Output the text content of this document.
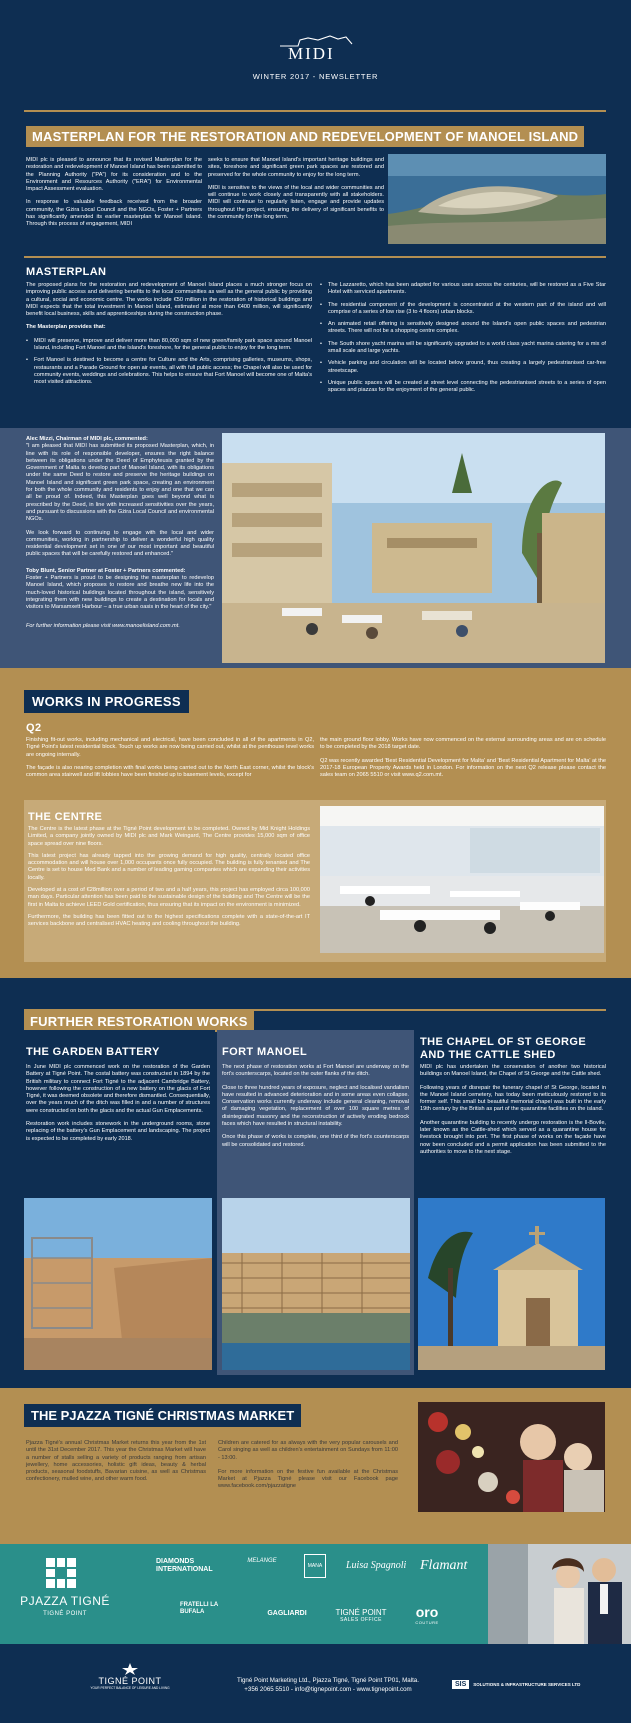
MIDI
WINTER 2017 - NEWSLETTER
MASTERPLAN FOR THE RESTORATION AND REDEVELOPMENT OF MANOEL ISLAND

MIDI plc is pleased to announce that its revised Masterplan for the restoration and redevelopment of Manoel Island has been submitted to the Planning Authority ("PA") for its consideration and to the Environment and Resources Authority ("ERA") for Environmental Impact Assessment evaluation.

In response to valuable feedback received from the broader community, the Gżira Local Council and the NGOs, Foster + Partners has significantly amended its earlier masterplan for Manoel Island. Through this process of engagement, MIDI

seeks to ensure that Manoel Island's important heritage buildings and sites, foreshore and significant green park spaces are restored and preserved for the whole community to enjoy for the long term.

MIDI is sensitive to the views of the local and wider communities and will continue to work closely and transparently with all stakeholders. MIDI will continue to regularly listen, engage and provide updates throughout the project, ensuring the delivery of significant benefits to the community for the long term.

MASTERPLAN

The proposed plans for the restoration and redevelopment of Manoel Island places a much stronger focus on improving public access and delivering benefits to the local communities as well as the general public by providing a cultural, social and economic centre. The works include €50 million in the restoration of historical buildings and MIDI expects that the total investment in Manoel Island, estimated at more than €400 million, will significantly benefit local business, skills and apprenticeships during the construction phase.

The Masterplan provides that:

• MIDI will preserve, improve and deliver more than 80,000 sqm of new green/family park space around Manoel Island, including Fort Manoel and the Island's foreshore, for the general public to enjoy for the long term.
• Fort Manoel is destined to become a centre for Culture and the Arts, comprising galleries, museums, shops, restaurants and a Parade Ground for open air events, all with full public access; the Chapel will also be used for community events, weddings and celebrations. This helps to ensure that Fort Manoel will become one of Malta's most visited attractions.
• The Lazzaretto, which has been adapted for various uses across the centuries, will be restored as a Five Star Hotel with serviced apartments.
• The residential component of the development is concentrated at the western part of the island and will comprise of a series of low rise (3 to 4 floors) urban blocks.
• An animated retail offering is sensitively designed around the Island's open public spaces and pedestrian streets. There will not be a shopping centre complex.
• The South shore yacht marina will be significantly upgraded to a world class yacht marina catering for a mix of small scale and large yachts.
• Vehicle parking and circulation will be located below ground, thus creating a largely pedestrianised car-free streetscape.
• Unique public spaces will be created at street level connecting the pedestrianised streets to a series of open spaces and piazzas for the enjoyment of the general public.

Alec Mizzi, Chairman of MIDI plc, commented:

"I am pleased that MIDI has submitted its proposed Masterplan, which, in line with its role of responsible developer, ensures the right balance between its obligations under the Deed of Emphyteusis granted by the Government of Malta to develop part of Manoel Island, with its obligations under the same Deed to restore and preserve the heritage buildings on Manoel Island and significant green park space, creating an environment for both the whole community and residents to enjoy and one that we can all be proud of. Indeed, this Masterplan goes well beyond what is prescribed by the Deed, in line with increased sensitivities over the years, and pursuant to discussions with the Gżira Local Council and environmental NGOs.

We look forward to continuing to engage with the local and wider communities, working in partnership to deliver a wonderful high quality residential development set in one of our most important and beautiful public spaces that will be carefully restored and enhanced."

Toby Blunt, Senior Partner at Foster + Partners commented:

Foster + Partners is proud to be designing the masterplan to redevelop Manoel Island, which proposes to restore and breathe new life into the much-loved historical buildings located throughout the island, sensitively integrating them with new buildings to create a destination for locals and visitors to Marsamxett Harbour – a true urban oasis in the heart of the city."

For further information please visit www.manoelisland.com.mt.

WORKS IN PROGRESS
Q2

Finishing fit-out works, including mechanical and electrical, have been concluded in all of the apartments in Q2, Tigné Point's latest residential block. Touch up works are now being carried out, whilst at the penthouse level works are ongoing internally.

The façade is also nearing completion with final works being carried out to the North East corner, whilst the block's common area stairwell and lift lobbies have been finished up to basement levels, except for

the main ground floor lobby. Works have now commenced on the external surrounding areas and are on schedule to be completed by the 2018 target date.

Q2 was recently awarded 'Best Residential Development for Malta' and 'Best Residential Apartment for Malta' at the 2017-18 European Property Awards held in London. For information on the next Q2 release please contact the sales team on 2065 5510 or visit www.q2.com.mt.

THE CENTRE

The Centre is the latest phase at the Tigné Point development to be completed. Owned by Mid Knight Holdings Limited, a company jointly owned by MIDI plc and Mark Weingard, The Centre provides 15,000 sqm of office space spread over nine floors.

This latest project has already tapped into the growing demand for high quality, centrally located office accommodation and will house over 1,000 occupants once fully occupied. The building is fully tenanted and The Centre is set to house Med Bank and a number of leading gaming companies which are expanding their activities locally.

Developed at a cost of €28million over a period of two and a half years, this project has employed circa 100,000 man days. Particular attention has been paid to the sustainable design of the building and The Centre will be the first in Malta to achieve LEED Gold certification, thus ensuring that its impact on the environment is minimized.

Furthermore, the building has been fitted out to the highest specifications complete with a state-of-the-art IT services backbone and centralised HVAC heating and cooling throughout the building.

FURTHER RESTORATION WORKS
THE GARDEN BATTERY

In June MIDI plc commenced work on the restoration of the Garden Battery at Tigné Point. The costal battery was constructed in 1894 by the British military to connect Fort Tigné to the adjacent Cambridge Battery, however following the construction of a new battery on the glacis of Fort Tigné, it was deemed obsolete and therefore dismantled. Consequentially, over the years much of the ditch was filled in and a number of structures were constructed on both the glacis and the actual Gun Emplacements.

Restoration work includes stonework in the underground rooms, stone replacing of the battery's Gun Emplacement and landscaping. The project is expected to be completed by early 2018.

FORT MANOEL

The next phase of restoration works at Fort Manoel are underway on the fort's counterscarps, located on the outer flanks of the ditch.

Close to three hundred years of exposure, neglect and localised vandalism have resulted in advanced deterioration and in some areas even collapse. Conservation works currently underway include general cleaning, removal of damaging vegetation, replacement of over 100 square metres of disintegrated masonry and the reconstruction of actively eroding bedrock faces which have resulted in structural instability.

Once this phase of works is complete, one third of the fort's counterscarps will be consolidated and restored.

THE CHAPEL OF ST GEORGE AND THE CATTLE SHED

MIDI plc has undertaken the conservation of another two historical buildings on Manoel Island, the Chapel of St George and the Cattle shed.

Following years of disrepair the funerary chapel of St George, located in the Manoel Island cemetery, has today been meticulously restored to its former self. This small but beautiful memorial chapel was built in the early 19th century by the British as part of the quarantine facilities on the island.

Another quarantine building to recently undergo restoration is the Il-Bovile, later known as the Cattle-shed which served as a quarantine house for livestock brought into port. The first phase of works on the façade have now been concluded and a permit application has been submitted to the authorities to move to the next stage.

THE PJAZZA TIGNÉ CHRISTMAS MARKET

Pjazza Tigné's annual Christmas Market returns this year from the 1st until the 31st December 2017. This year the Christmas Market will have a number of stalls selling a variety of products ranging from artisan jewellery, home accessories, holistic gift ideas, beauty & herbal products, seasonal foodstuffs, Bavarian cuisine, as well as Christmas confectionery, mulled wine, and other warm food.

Children are catered for as always with the very popular carousels and Carol singing as well as children's entertainment on Sundays from 11:00 - 13:00.

For more information on the festive fun available at the Christmas Market at Pjazza Tigné please visit our Facebook page www.facebook.com/pjazzatigne

PJAZZA TIGNÉ
TIGNÉ POINT
DIAMONDS INTERNATIONAL
MELANGE
MANA	Luisa Spagnoli Flamant
FRATELLI LA BUFALA	GAGLIARDI	TIGNÉ POINT
SALES OFFICE	oro
COUTURE
TIGNÉ POINT
YOUR PERFECT BALANCE OF LEISURE AND LIVING
Tigné Point Marketing Ltd., Pjazza Tigné, Tigné Point TP01, Malta.
+356 2065 5510 - info@tignepoint.com - www.tignepoint.com
SIS	SOLUTIONS & INFRASTRUCTURE SERVICES LTD
